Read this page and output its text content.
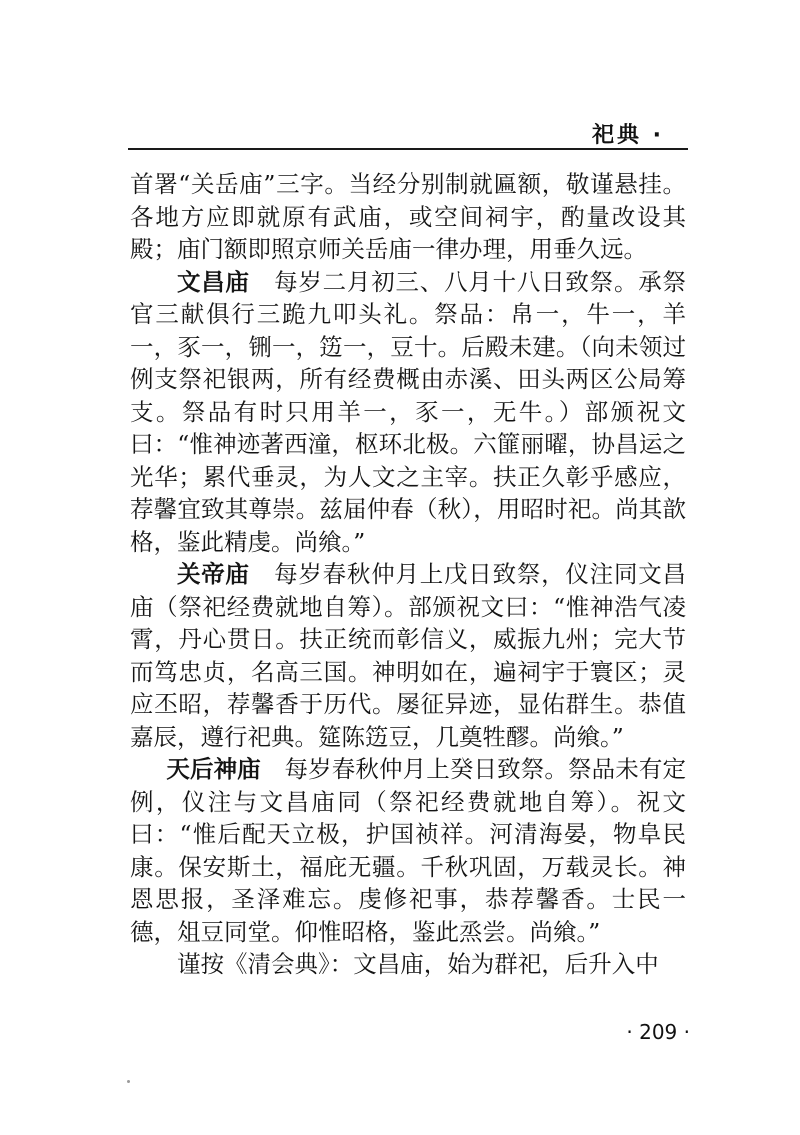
祀典 ·

首署“关岳庙”三字。当经分别制就匾额，敬谨悬挂。各地方应即就原有武庙，或空间祠宇，酌量改设其殿；庙门额即照京师关岳庙一律办理，用垂久远。

文昌庙　每岁二月初三、八月十八日致祭。承祭官三献俱行三跪九叩头礼。祭品：帛一，牛一，羊一，豕一，铏一，笾一，豆十。后殿未建。（向未领过例支祭祀银两，所有经费概由赤溪、田头两区公局筹支。祭品有时只用羊一，豕一，无牛。）部颁祝文曰：“惟神迹著西潼，枢环北极。六篚丽曜，协昌运之光华；累代垂灵，为人文之主宰。扶正久彰乎感应，荐馨宜致其尊崇。兹届仲春（秋），用昭时祀。尚其歆格，鉴此精虔。尚飨。”

关帝庙　每岁春秋仲月上戊日致祭，仪注同文昌庙（祭祀经费就地自筹）。部颁祝文曰：“惟神浩气凌霄，丹心贯日。扶正统而彰信义，威振九州；完大节而笃忠贞，名高三国。神明如在，遍祠宇于寰区；灵应丕昭，荐馨香于历代。屡征异迹，显佑群生。恭值嘉辰，遵行祀典。筵陈笾豆，几奠牲醪。尚飨。”

天后神庙　每岁春秋仲月上癸日致祭。祭品未有定例，仪注与文昌庙同（祭祀经费就地自筹）。祝文曰：“惟后配天立极，护国祯祥。河清海晏，物阜民康。保安斯土，福庇无疆。千秋巩固，万载灵长。神恩思报，圣泽难忘。虔修祀事，恭荐馨香。士民一德，俎豆同堂。仰惟昭格，鉴此烝尝。尚飨。”

谨按《清会典》：文昌庙，始为群祀，后升入中

· 209 ·
